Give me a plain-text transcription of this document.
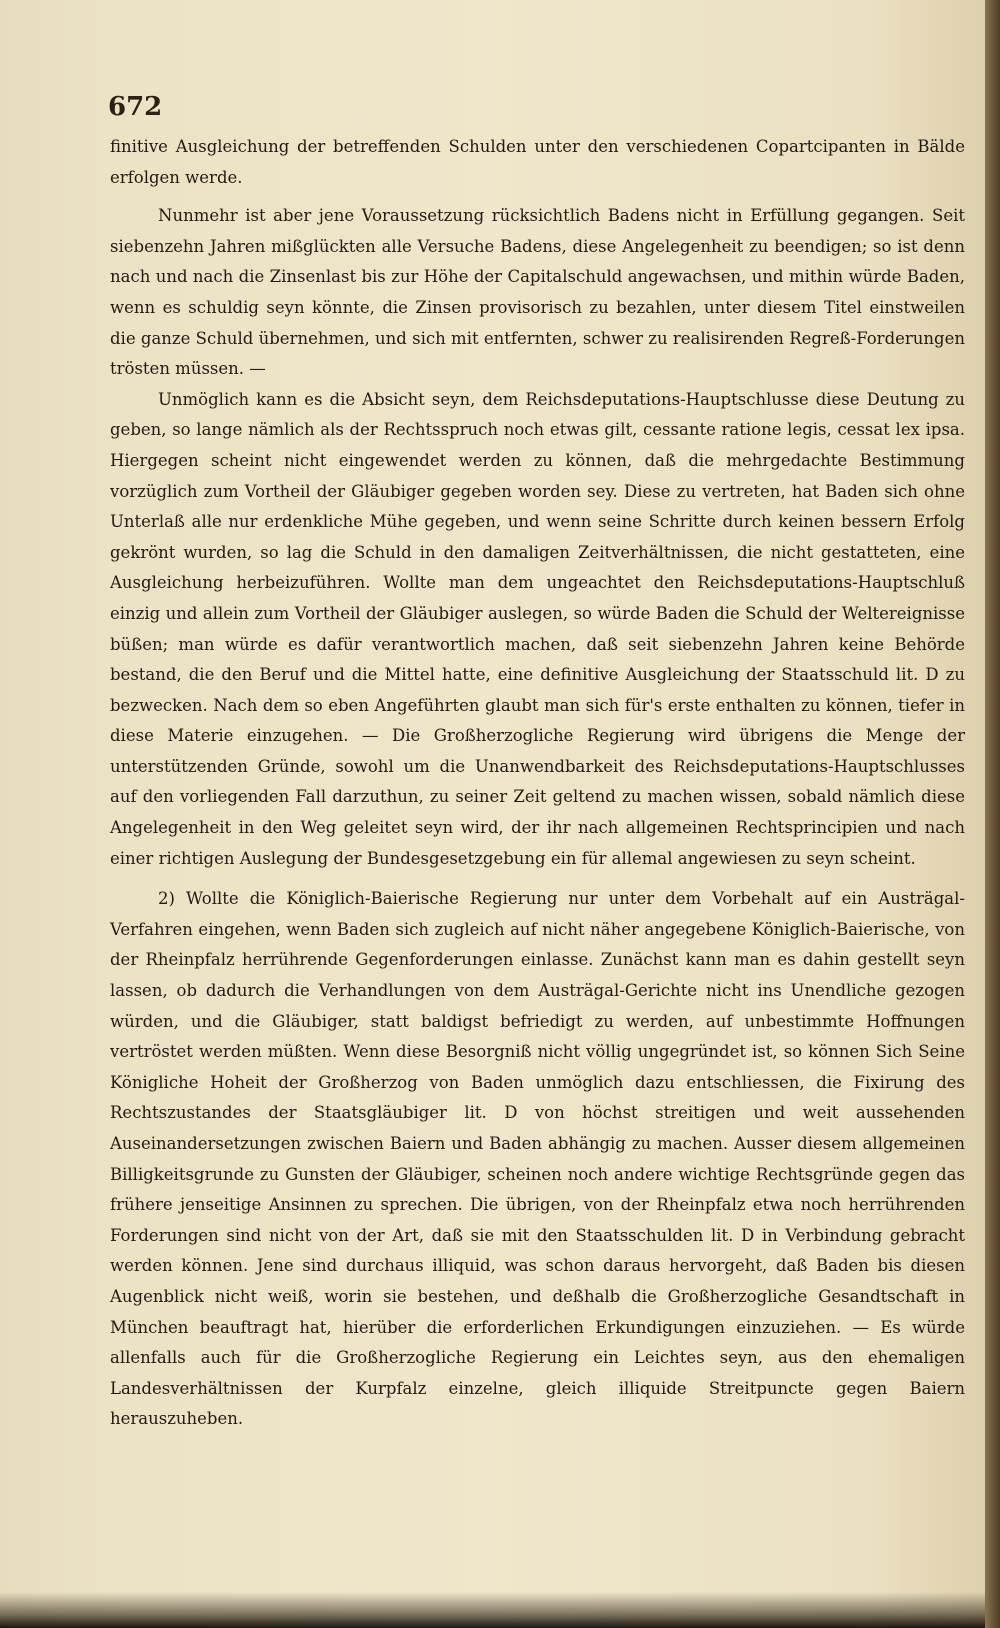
672

finitive Ausgleichung der betreffenden Schulden unter den verschiedenen Copartcipanten in Bälde erfolgen werde.

Nunmehr ist aber jene Voraussetzung rücksichtlich Badens nicht in Erfüllung gegangen. Seit siebenzehn Jahren mißglückten alle Versuche Badens, diese Angelegenheit zu beendigen; so ist denn nach und nach die Zinsenlast bis zur Höhe der Capitalschuld angewachsen, und mithin würde Baden, wenn es schuldig seyn könnte, die Zinsen provisorisch zu bezahlen, unter diesem Titel einstweilen die ganze Schuld übernehmen, und sich mit entfernten, schwer zu realisirenden Regreß-Forderungen trösten müssen. —

Unmöglich kann es die Absicht seyn, dem Reichsdeputations-Hauptschlusse diese Deutung zu geben, so lange nämlich als der Rechtsspruch noch etwas gilt, cessante ratione legis, cessat lex ipsa. Hiergegen scheint nicht eingewendet werden zu können, daß die mehrgedachte Bestimmung vorzüglich zum Vortheil der Gläubiger gegeben worden sey. Diese zu vertreten, hat Baden sich ohne Unterlaß alle nur erdenkliche Mühe gegeben, und wenn seine Schritte durch keinen bessern Erfolg gekrönt wurden, so lag die Schuld in den damaligen Zeitverhältnissen, die nicht gestatteten, eine Ausgleichung herbeizuführen. Wollte man dem ungeachtet den Reichsdeputations-Hauptschluß einzig und allein zum Vortheil der Gläubiger auslegen, so würde Baden die Schuld der Weltereignisse büßen; man würde es dafür verantwortlich machen, daß seit siebenzehn Jahren keine Behörde bestand, die den Beruf und die Mittel hatte, eine definitive Ausgleichung der Staatsschuld lit. D zu bezwecken. Nach dem so eben Angeführten glaubt man sich für's erste enthalten zu können, tiefer in diese Materie einzugehen. — Die Großherzogliche Regierung wird übrigens die Menge der unterstützenden Gründe, sowohl um die Unanwendbarkeit des Reichsdeputations-Hauptschlusses auf den vorliegenden Fall darzuthun, zu seiner Zeit geltend zu machen wissen, sobald nämlich diese Angelegenheit in den Weg geleitet seyn wird, der ihr nach allgemeinen Rechtsprincipien und nach einer richtigen Auslegung der Bundesgesetzgebung ein für allemal angewiesen zu seyn scheint.

2) Wollte die Königlich-Baierische Regierung nur unter dem Vorbehalt auf ein Austrägal-Verfahren eingehen, wenn Baden sich zugleich auf nicht näher angegebene Königlich-Baierische, von der Rheinpfalz herrührende Gegenforderungen einlasse. Zunächst kann man es dahin gestellt seyn lassen, ob dadurch die Verhandlungen von dem Austrägal-Gerichte nicht ins Unendliche gezogen würden, und die Gläubiger, statt baldigst befriedigt zu werden, auf unbestimmte Hoffnungen vertröstet werden müßten. Wenn diese Besorgniß nicht völlig ungegründet ist, so können Sich Seine Königliche Hoheit der Großherzog von Baden unmöglich dazu entschliessen, die Fixirung des Rechtszustandes der Staatsgläubiger lit. D von höchst streitigen und weit aussehenden Auseinandersetzungen zwischen Baiern und Baden abhängig zu machen. Ausser diesem allgemeinen Billigkeitsgrunde zu Gunsten der Gläubiger, scheinen noch andere wichtige Rechtsgründe gegen das frühere jenseitige Ansinnen zu sprechen. Die übrigen, von der Rheinpfalz etwa noch herrührenden Forderungen sind nicht von der Art, daß sie mit den Staatsschulden lit. D in Verbindung gebracht werden können. Jene sind durchaus illiquid, was schon daraus hervorgeht, daß Baden bis diesen Augenblick nicht weiß, worin sie bestehen, und deßhalb die Großherzogliche Gesandtschaft in München beauftragt hat, hierüber die erforderlichen Erkundigungen einzuziehen. — Es würde allenfalls auch für die Großherzogliche Regierung ein Leichtes seyn, aus den ehemaligen Landesverhältnissen der Kurpfalz einzelne, gleich illiquide Streitpuncte gegen Baiern herauszuheben.
